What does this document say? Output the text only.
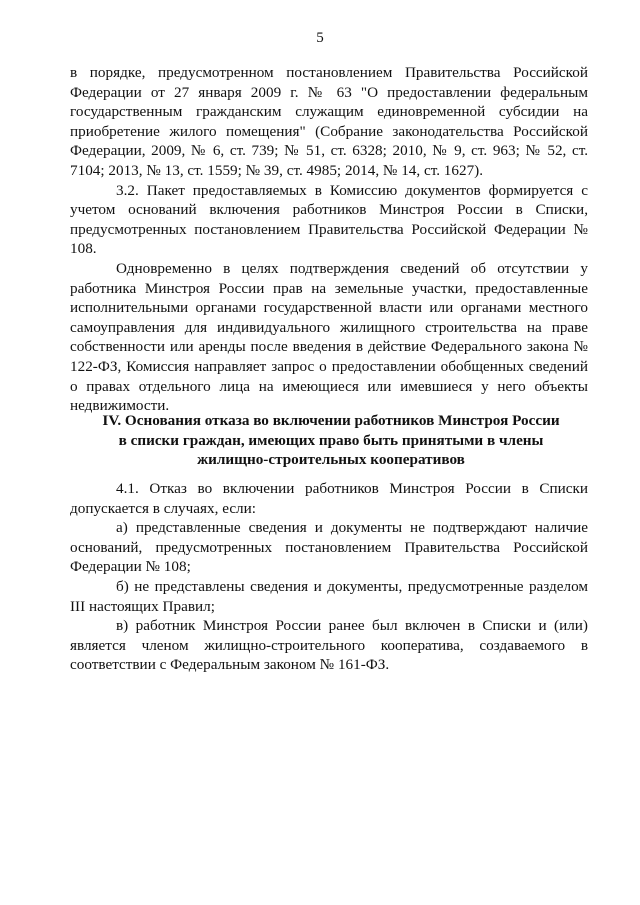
5

в порядке, предусмотренном постановлением Правительства Российской Федерации от 27 января 2009 г. № 63 "О предоставлении федеральным государственным гражданским служащим единовременной субсидии на приобретение жилого помещения" (Собрание законодательства Российской Федерации, 2009, № 6, ст. 739; № 51, ст. 6328; 2010, № 9, ст. 963; № 52, ст. 7104; 2013, № 13, ст. 1559; № 39, ст. 4985; 2014, № 14, ст. 1627).

3.2. Пакет предоставляемых в Комиссию документов формируется с учетом оснований включения работников Минстроя России в Списки, предусмотренных постановлением Правительства Российской Федерации № 108.

Одновременно в целях подтверждения сведений об отсутствии у работника Минстроя России прав на земельные участки, предоставленные исполнительными органами государственной власти или органами местного самоуправления для индивидуального жилищного строительства на праве собственности или аренды после введения в действие Федерального закона № 122-ФЗ, Комиссия направляет запрос о предоставлении обобщенных сведений о правах отдельного лица на имеющиеся или имевшиеся у него объекты недвижимости.

IV. Основания отказа во включении работников Минстроя России в списки граждан, имеющих право быть принятыми в члены жилищно-строительных кооперативов

4.1. Отказ во включении работников Минстроя России в Списки допускается в случаях, если:

а) представленные сведения и документы не подтверждают наличие оснований, предусмотренных постановлением Правительства Российской Федерации № 108;

б) не представлены сведения и документы, предусмотренные разделом III настоящих Правил;

в) работник Минстроя России ранее был включен в Списки и (или) является членом жилищно-строительного кооператива, создаваемого в соответствии с Федеральным законом № 161-ФЗ.
